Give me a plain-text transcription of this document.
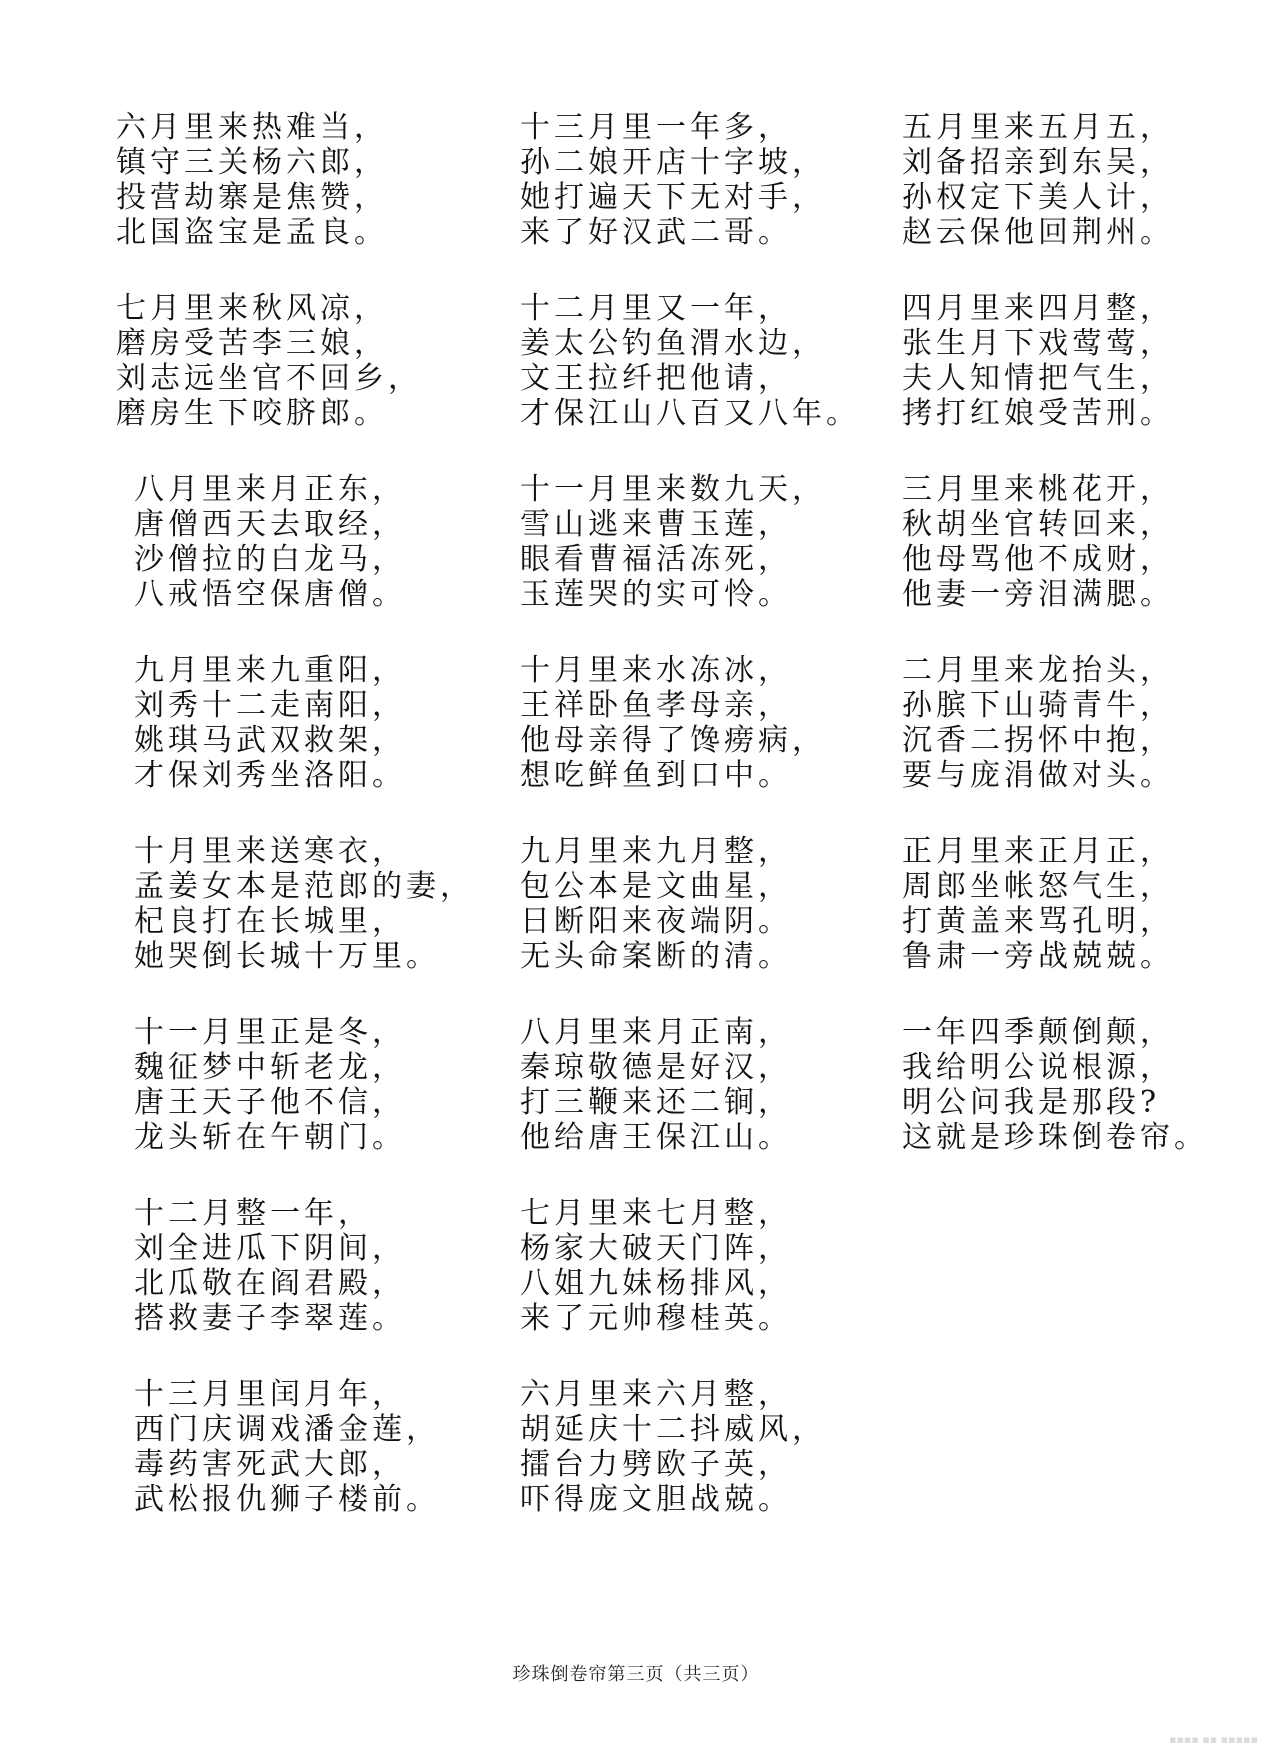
六月里来热难当，
镇守三关杨六郎，
投营劫寨是焦赞，
北国盗宝是孟良。
七月里来秋风凉，
磨房受苦李三娘，
刘志远坐官不回乡，
磨房生下咬脐郎。
八月里来月正东，
唐僧西天去取经，
沙僧拉的白龙马，
八戒悟空保唐僧。
九月里来九重阳，
刘秀十二走南阳，
姚琪马武双救架，
才保刘秀坐洛阳。
十月里来送寒衣，
孟姜女本是范郎的妻，
杞良打在长城里，
她哭倒长城十万里。
十一月里正是冬，
魏征梦中斩老龙，
唐王天子他不信，
龙头斩在午朝门。
十二月整一年，
刘全进瓜下阴间，
北瓜敬在阎君殿，
搭救妻子李翠莲。
十三月里闰月年，
西门庆调戏潘金莲，
毒药害死武大郎，
武松报仇狮子楼前。
十三月里一年多，
孙二娘开店十字坡，
她打遍天下无对手，
来了好汉武二哥。
十二月里又一年，
姜太公钓鱼渭水边，
文王拉纤把他请，
才保江山八百又八年。
十一月里来数九天，
雪山逃来曹玉莲，
眼看曹福活冻死，
玉莲哭的实可怜。
十月里来水冻冰，
王祥卧鱼孝母亲，
他母亲得了馋痨病，
想吃鲜鱼到口中。
九月里来九月整，
包公本是文曲星，
日断阳来夜端阴。
无头命案断的清。
八月里来月正南，
秦琼敬德是好汉，
打三鞭来还二锏，
他给唐王保江山。
七月里来七月整，
杨家大破天门阵，
八姐九妹杨排风，
来了元帅穆桂英。
六月里来六月整，
胡延庆十二抖威风，
擂台力劈欧子英，
吓得庞文胆战兢。
五月里来五月五，
刘备招亲到东吴，
孙权定下美人计，
赵云保他回荆州。
四月里来四月整，
张生月下戏莺莺，
夫人知情把气生，
拷打红娘受苦刑。
三月里来桃花开，
秋胡坐官转回来，
他母骂他不成财，
他妻一旁泪满腮。
二月里来龙抬头，
孙膑下山骑青牛，
沉香二拐怀中抱，
要与庞涓做对头。
正月里来正月正，
周郎坐帐怒气生，
打黄盖来骂孔明，
鲁肃一旁战兢兢。
一年四季颠倒颠，
我给明公说根源，
明公问我是那段?
这就是珍珠倒卷帘。
珍珠倒卷帘第三页（共三页）
▪▪▪▪ ▪▪ ▪▪▪▪▪
